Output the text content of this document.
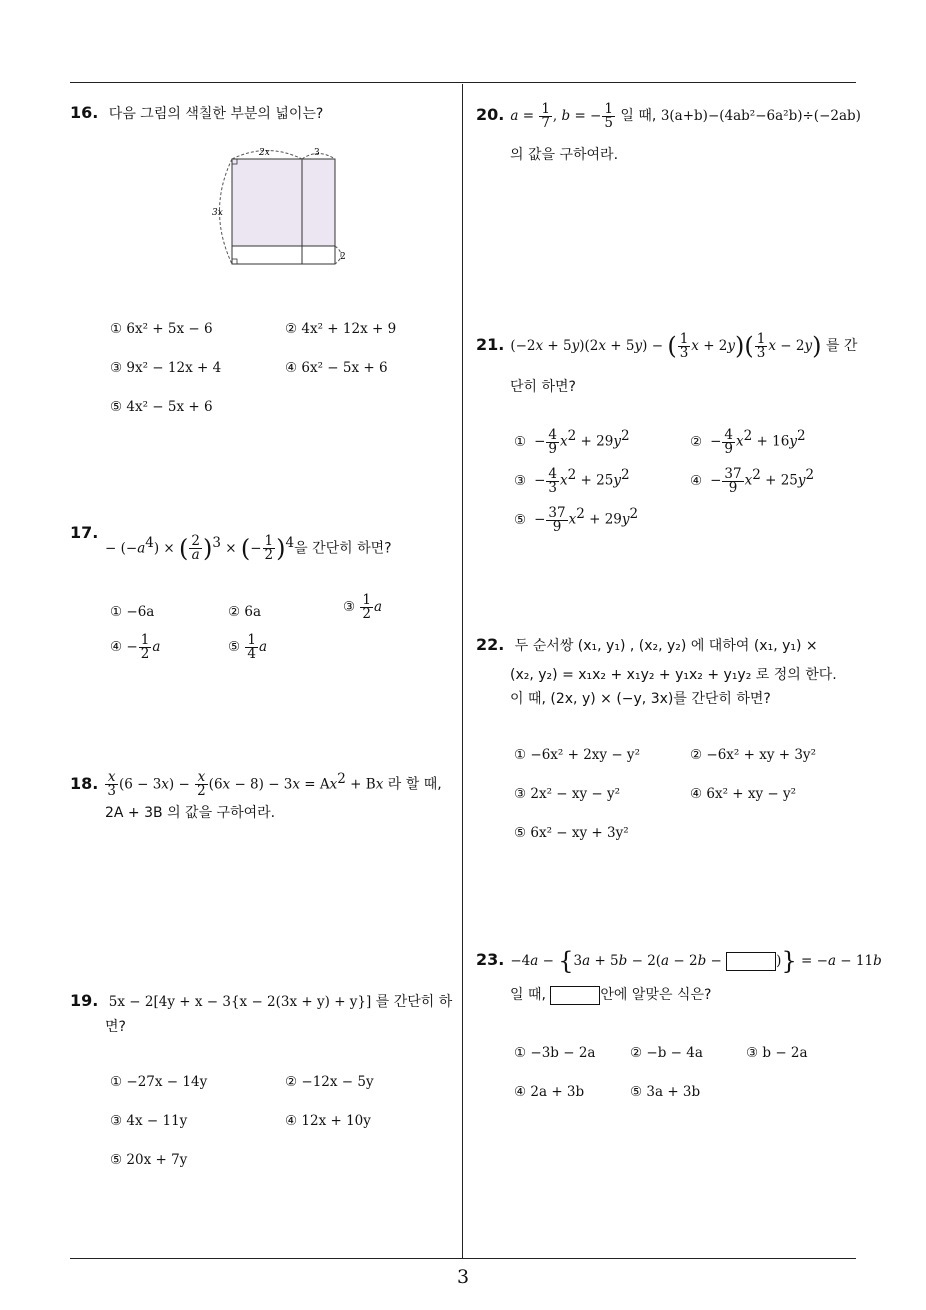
16. 다음 그림의 색칠한 부분의 넓이는?
2x	3
3x
2
① 6x² + 5x − 6	② 4x² + 12x + 9
③ 9x² − 12x + 4	④ 6x² − 5x + 6
⑤ 4x² − 5x + 6
17.
− $(-a^4)$ × ( $\frac{2}{a} )^3$ × (− $\frac{1}{2} )^4$을 간단히 하면?
① −6a	② 6a	③ $\frac{1}{2}$ a
④ − $\frac{1}{2}$ a	⑤ $\frac{1}{4}$ a
18. $\frac{x}{3} (6 - 3x) - \frac{x}{2} (6x - 8) - 3x = Ax^2 + Bx$ 라 할 때,
2A + 3B 의 값을 구하여라.
19. 5x − 2[4y + x − 3{x − 2(3x + y) + y}] 를 간단히 하
면?
① −27x − 14y	② −12x − 5y
③ 4x − 11y	④ 12x + 10y
⑤ 20x + 7y
20. $a = \frac{1}{7}$ , b = − $\frac{1}{5}$ 일 때, 3(a+b)−(4ab²−6a²b)÷(−2ab)
의 값을 구하여라.
21. (−2x + 5y)(2x + 5y) − ( $\frac{1}{3}$ $x + 2y)( \frac{1}{3}$ x − 2y) 를 간
단히 하면?
① − $\frac{4}{9} x^2 + 29y^2$	② − $\frac{4}{9} x^2 + 16y^2$
③ − $\frac{4}{3} x^2 + 25y^2$	④ − $\frac{37}{9} x^2 + 25y^2$
⑤ − $\frac{37}{9} x^2 + 29y^2$
22. 두 순서쌍 (x₁, y₁) , (x₂, y₂) 에 대하여 (x₁, y₁) ×
(x₂, y₂) = x₁x₂ + x₁y₂ + y₁x₂ + y₁y₂ 로 정의 한다.
이 때, (2x, y) × (−y, 3x)를 간단히 하면?
① −6x² + 2xy − y²	② −6x² + xy + 3y²
③ 2x² − xy − y²	④ 6x² + xy − y²
⑤ 6x² − xy + 3y²
23. −4a − {3a + 5b − 2(a − 2b −	)} = −a − 11b
일 때,	안에 알맞은 식은?
① −3b − 2a	② −b − 4a	③ b − 2a
④ 2a + 3b	⑤ 3a + 3b
3
